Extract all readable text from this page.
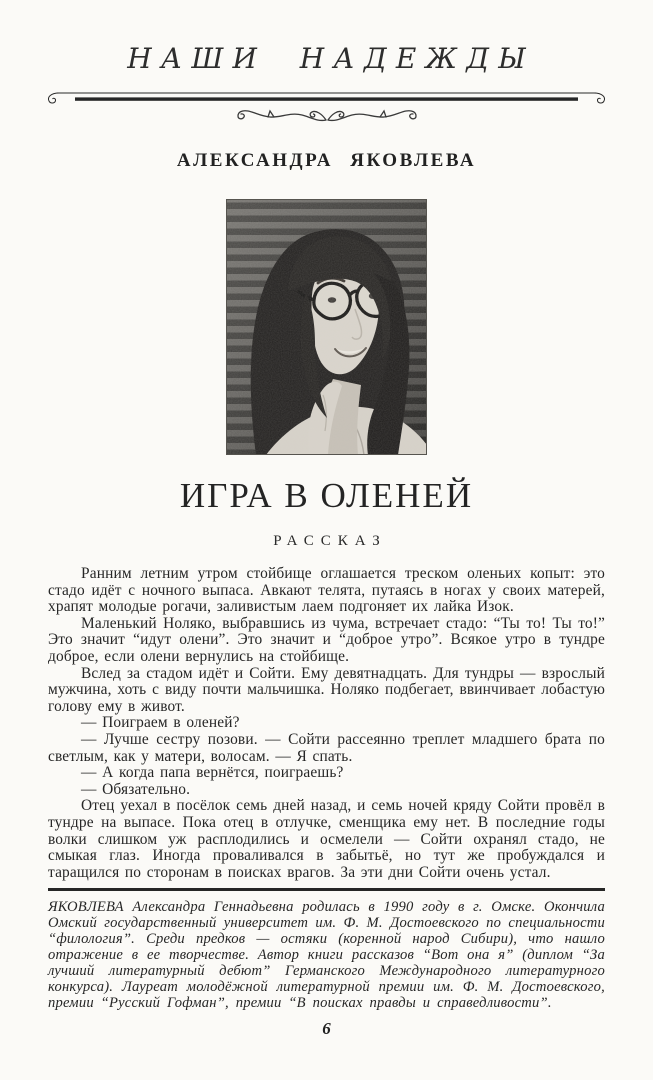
НАШИ НАДЕЖДЫ
АЛЕКСАНДРА ЯКОВЛЕВА
ИГРА В ОЛЕНЕЙ
РАССКАЗ

Ранним летним утром стойбище оглашается треском оленьих копыт: это стадо идёт с ночного выпаса. Авкают телята, путаясь в ногах у своих матерей, храпят молодые рогачи, заливистым лаем подгоняет их лайка Изок.

Маленький Ноляко, выбравшись из чума, встречает стадо: “Ты то! Ты то!” Это значит “идут олени”. Это значит и “доброе утро”. Всякое утро в тундре доброе, если олени вернулись на стойбище.

Вслед за стадом идёт и Сойти. Ему девятнадцать. Для тундры — взрослый мужчина, хоть с виду почти мальчишка. Ноляко подбегает, ввинчивает лобастую голову ему в живот.

— Поиграем в оленей?

— Лучше сестру позови. — Сойти рассеянно треплет младшего брата по светлым, как у матери, волосам. — Я спать.

— А когда папа вернётся, поиграешь?

— Обязательно.

Отец уехал в посёлок семь дней назад, и семь ночей кряду Сойти провёл в тундре на выпасе. Пока отец в отлучке, сменщика ему нет. В последние годы волки слишком уж расплодились и осмелели — Сойти охранял стадо, не смыкая глаз. Иногда проваливался в забытьё, но тут же пробуждался и таращился по сторонам в поисках врагов. За эти дни Сойти очень устал.

ЯКОВЛЕВА Александра Геннадьевна родилась в 1990 году в г. Омске. Окончила Омский государственный университет им. Ф. М. Достоевского по специальности “филология”. Среди предков — остяки (коренной народ Сибири), что нашло отражение в ее творчестве. Автор книги рассказов “Вот она я” (диплом “За лучший литературный дебют” Германского Международного литературного конкурса). Лауреат молодёжной литературной премии им. Ф. М. Достоевского, премии “Русский Гофман”, премии “В поисках правды и справедливости”.
6
